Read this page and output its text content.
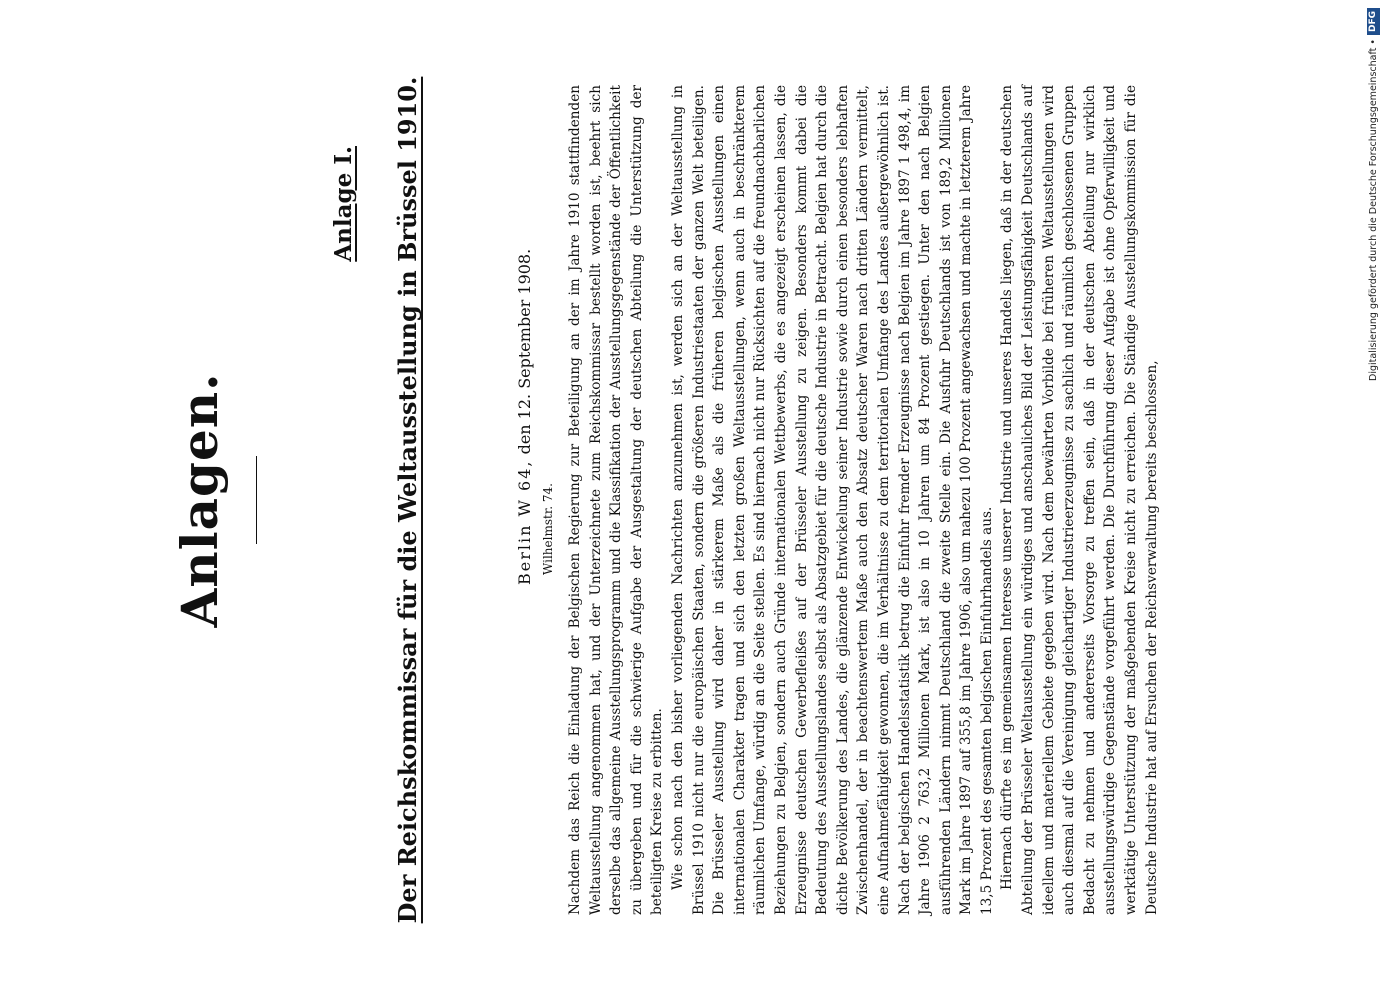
Anlagen.
Anlage I. Der Reichskommissar für die Weltausstellung in Brüssel 1910.	Berlin W 64, den 12. September 1908.
Wilhelmstr. 74. Nachdem das Reich die Einladung der Belgischen Regierung zur Beteiligung an der im Jahre 1910 stattfindenden Weltausstellung angenommen hat, und der Unterzeichnete zum Reichskommissar bestellt worden ist, beehrt sich derselbe das allgemeine Ausstellungsprogramm und die Klassifikation der Ausstellungsgegenstände der Öffentlichkeit zu übergeben und für die schwierige Aufgabe der Ausgestaltung der deutschen Abteilung die Unterstützung der beteiligten Kreise zu erbitten. Wie schon nach den bisher vorliegenden Nachrichten anzunehmen ist, werden sich an der Weltausstellung in Brüssel 1910 nicht nur die europäischen Staaten, sondern die größeren Industriestaaten der ganzen Welt beteiligen. Die Brüsseler Ausstellung wird daher in stärkerem Maße als die früheren belgischen Ausstellungen einen internationalen Charakter tragen und sich den letzten großen Weltausstellungen, wenn auch in beschränkterem räumlichen Umfange, würdig an die Seite stellen. Es sind hiernach nicht nur Rücksichten auf die freundnachbarlichen Beziehungen zu Belgien, sondern auch Gründe internationalen Wettbewerbs, die es angezeigt erscheinen lassen, die Erzeugnisse deutschen Gewerbefleißes auf der Brüsseler Ausstellung zu zeigen. Besonders kommt dabei die Bedeutung des Ausstellungslandes selbst als Absatzgebiet für die deutsche Industrie in Betracht. Belgien hat durch die dichte Bevölkerung des Landes, die glänzende Entwickelung seiner Industrie sowie durch einen besonders lebhaften Zwischenhandel, der in beachtenswertem Maße auch den Absatz deutscher Waren nach dritten Ländern vermittelt, eine Aufnahmefähigkeit gewonnen, die im Verhältnisse zu dem territorialen Umfange des Landes außergewöhnlich ist. Nach der belgischen Handelsstatistik betrug die Einfuhr fremder Erzeugnisse nach Belgien im Jahre 1897 1 498,4, im Jahre 1906 2 763,2 Millionen Mark, ist also in 10 Jahren um 84 Prozent gestiegen. Unter den nach Belgien ausführenden Ländern nimmt Deutschland die zweite Stelle ein. Die Ausfuhr Deutschlands ist von 189,2 Millionen Mark im Jahre 1897 auf 355,8 im Jahre 1906, also um nahezu 100 Prozent angewachsen und machte in letzterem Jahre 13,5 Prozent des gesamten belgischen Einfuhrhandels aus. Hiernach dürfte es im gemeinsamen Interesse unserer Industrie und unseres Handels liegen, daß in der deutschen Abteilung der Brüsseler Weltausstellung ein würdiges und anschauliches Bild der Leistungsfähigkeit Deutschlands auf ideellem und materiellem Gebiete gegeben wird. Nach dem bewährten Vorbilde bei früheren Weltausstellungen wird auch diesmal auf die Vereinigung gleichartiger Industrieerzeugnisse zu sachlich und räumlich geschlossenen Gruppen Bedacht zu nehmen und andererseits Vorsorge zu treffen sein, daß in der deutschen Abteilung nur wirklich ausstellungswürdige Gegenstände vorgeführt werden. Die Durchführung dieser Aufgabe ist ohne Opferwilligkeit und werktätige Unterstützung der maßgebenden Kreise nicht zu erreichen. Die Ständige Ausstellungskommission für die Deutsche Industrie hat auf Ersuchen der Reichsverwaltung bereits beschlossen,

Digitalisierung gefördert durch die Deutsche Forschungsgemeinschaft •
DFG
